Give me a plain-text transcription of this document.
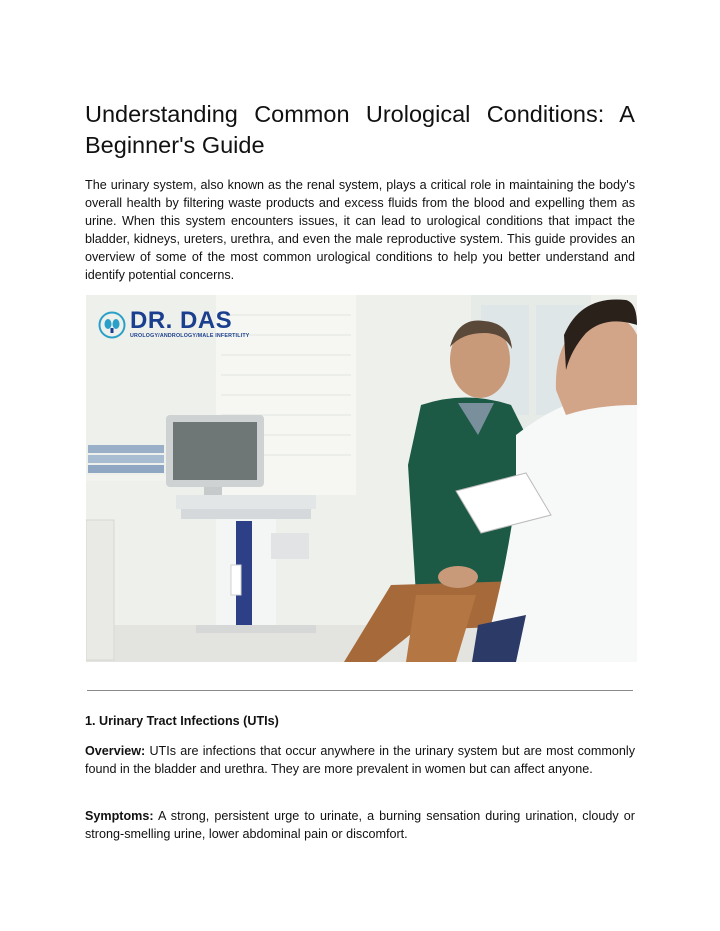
Understanding Common Urological Conditions: A Beginner's Guide

The urinary system, also known as the renal system, plays a critical role in maintaining the body's overall health by filtering waste products and excess fluids from the blood and expelling them as urine. When this system encounters issues, it can lead to urological conditions that impact the bladder, kidneys, ureters, urethra, and even the male reproductive system. This guide provides an overview of some of the most common urological conditions to help you better understand and identify potential concerns.

DR. DAS
UROLOGY/ANDROLOGY/MALE INFERTILITY
1. Urinary Tract Infections (UTIs)

Overview: UTIs are infections that occur anywhere in the urinary system but are most commonly found in the bladder and urethra. They are more prevalent in women but can affect anyone.

Symptoms: A strong, persistent urge to urinate, a burning sensation during urination, cloudy or strong-smelling urine, lower abdominal pain or discomfort.
